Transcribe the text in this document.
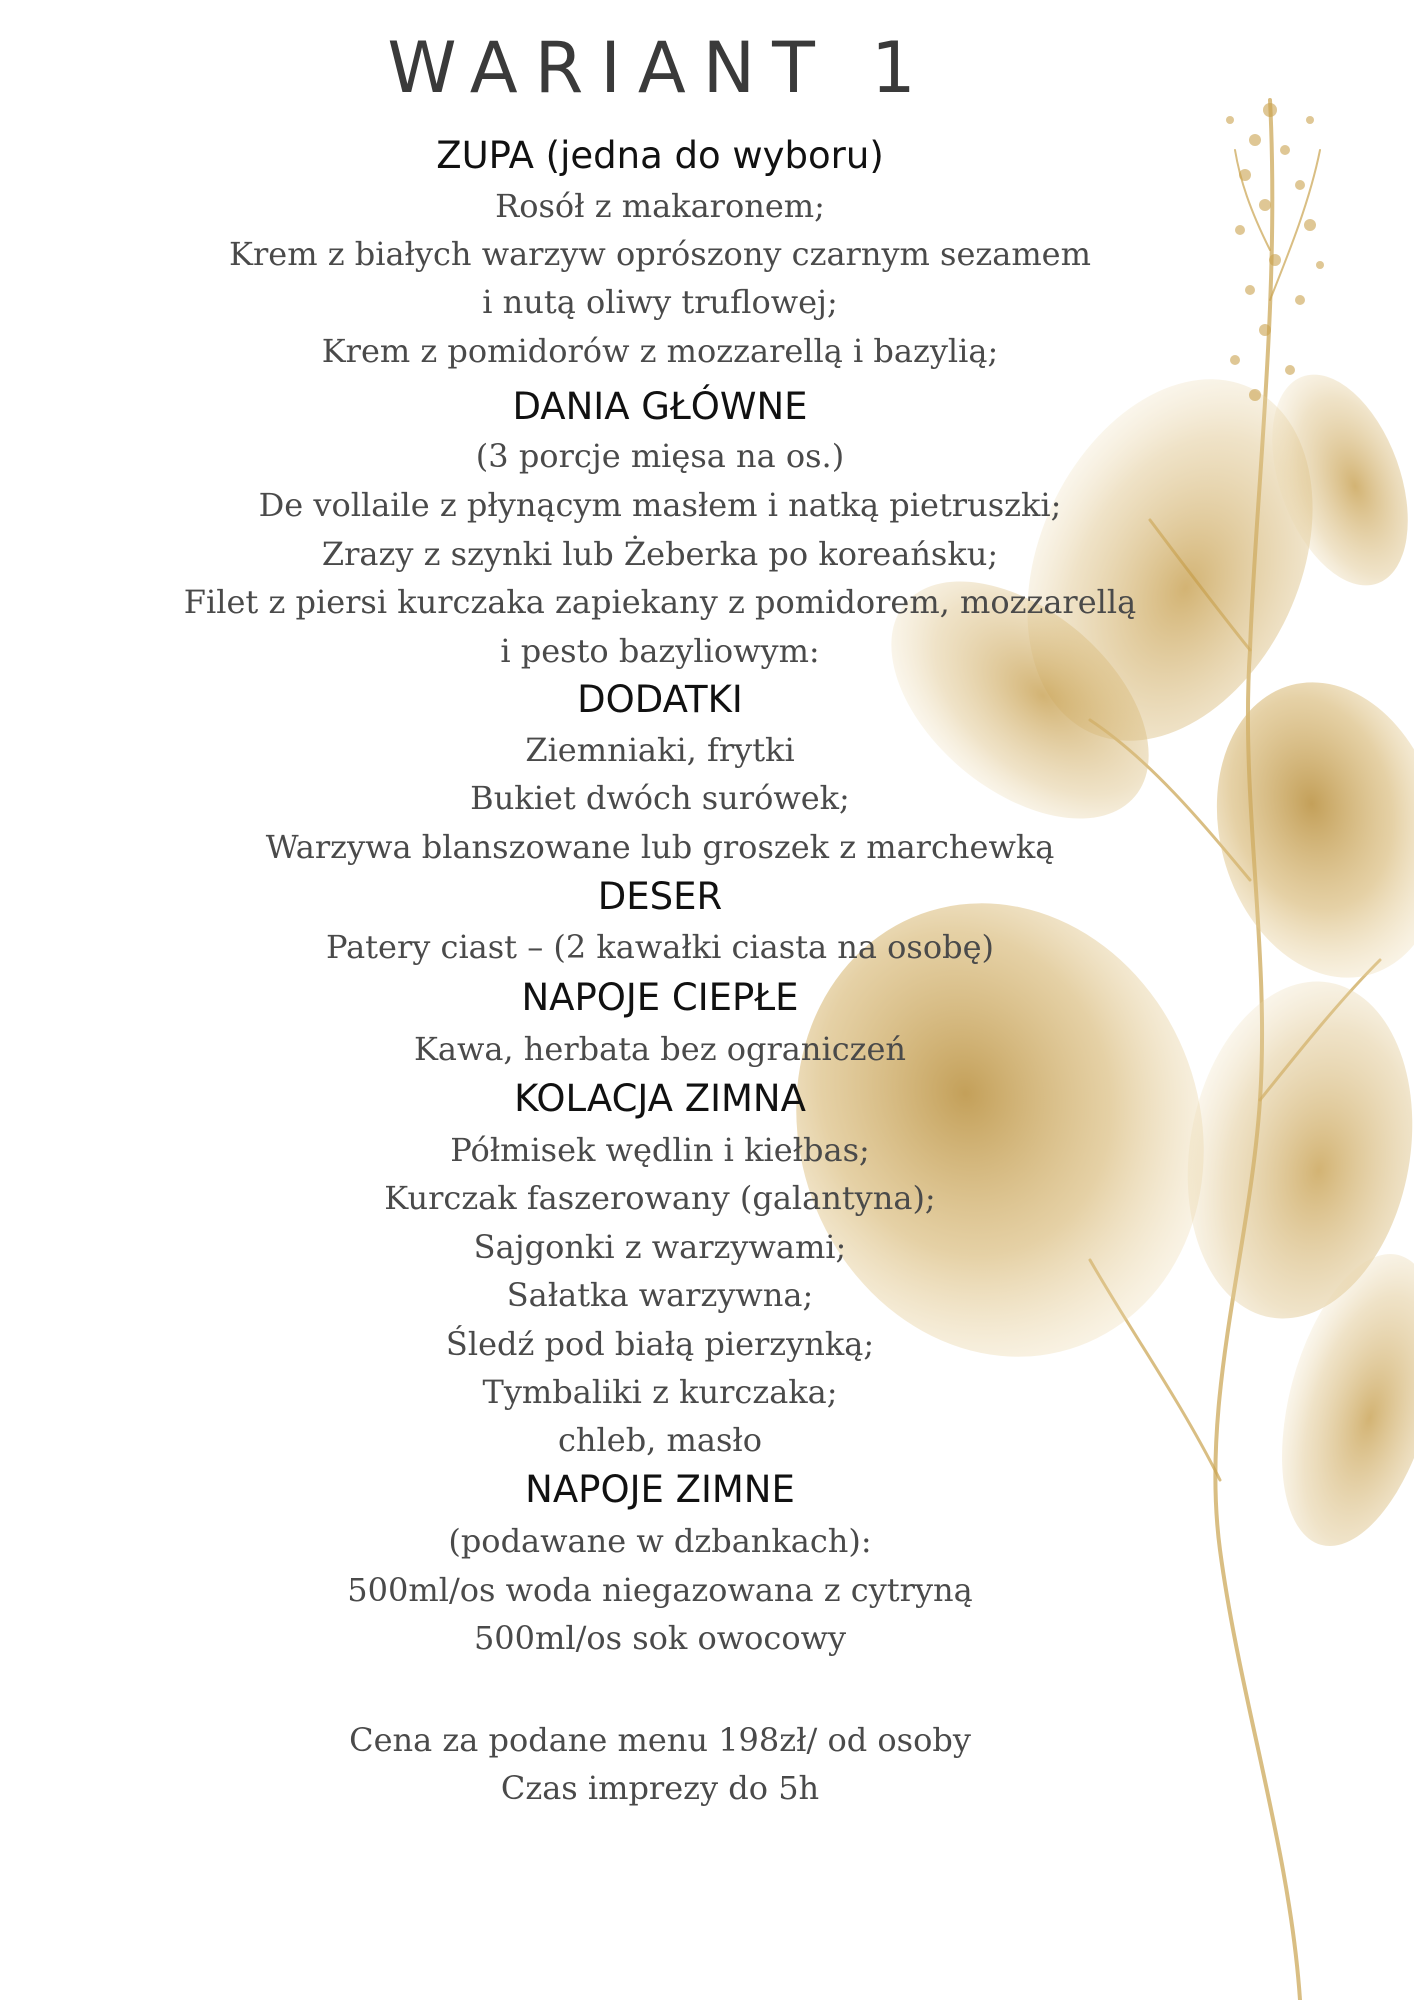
WARIANT 1
ZUPA (jedna do wyboru)
Rosół z makaronem;
Krem z białych warzyw oprószony czarnym sezamem
i nutą oliwy truflowej;
Krem z pomidorów z mozzarellą i bazylią;
DANIA GŁÓWNE
(3 porcje mięsa na os.)
De vollaile z płynącym masłem i natką pietruszki;
Zrazy z szynki lub Żeberka po koreańsku;
Filet z piersi kurczaka zapiekany z pomidorem, mozzarellą
i pesto bazyliowym:
DODATKI
Ziemniaki, frytki
Bukiet dwóch surówek;
Warzywa blanszowane lub groszek z marchewką
DESER
Patery ciast – (2 kawałki ciasta na osobę)
NAPOJE CIEPŁE
Kawa, herbata bez ograniczeń
KOLACJA ZIMNA
Półmisek wędlin i kiełbas;
Kurczak faszerowany (galantyna);
Sajgonki z warzywami;
Sałatka warzywna;
Śledź pod białą pierzynką;
Tymbaliki z kurczaka;
chleb, masło
NAPOJE ZIMNE
(podawane w dzbankach):
500ml/os woda niegazowana z cytryną
500ml/os sok owocowy
Cena za podane menu 198zł/ od osoby
Czas imprezy do 5h
